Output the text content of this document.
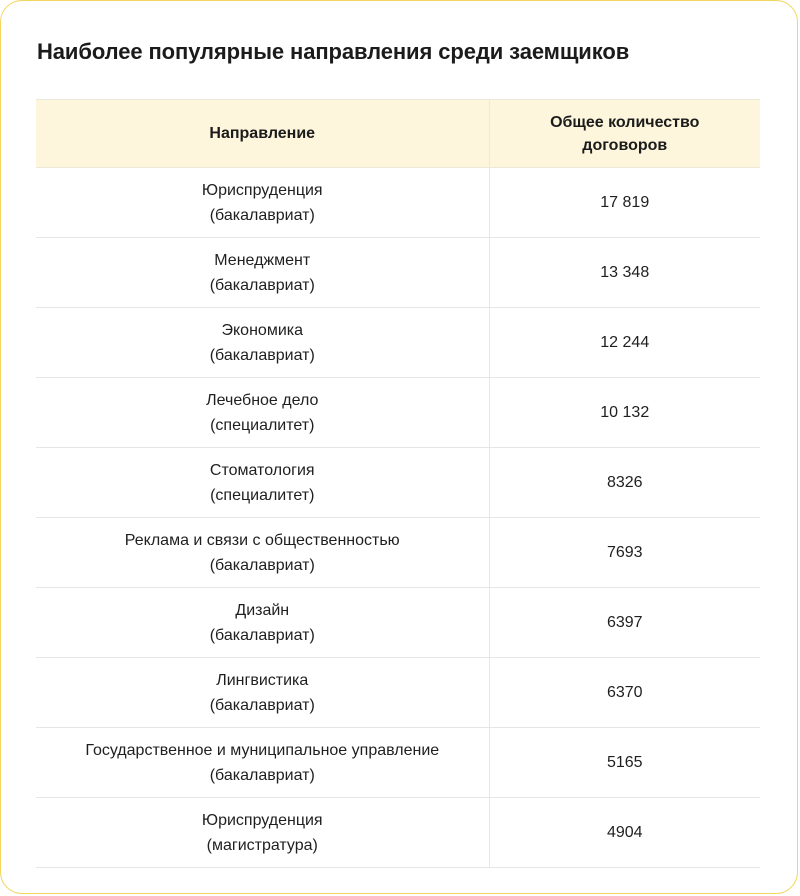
Наиболее популярные направления среди заемщиков
Направление	Общее количество договоров

Юриспруденция
(бакалавриат)	17 819

Менеджмент
(бакалавриат)	13 348

Экономика
(бакалавриат)	12 244

Лечебное дело
(специалитет)	10 132

Стоматология
(специалитет)	8326

Реклама и связи с общественностью
(бакалавриат)	7693

Дизайн
(бакалавриат)	6397

Лингвистика
(бакалавриат)	6370

Государственное и муниципальное управление
(бакалавриат)	5165

Юриспруденция
(магистратура)	4904
